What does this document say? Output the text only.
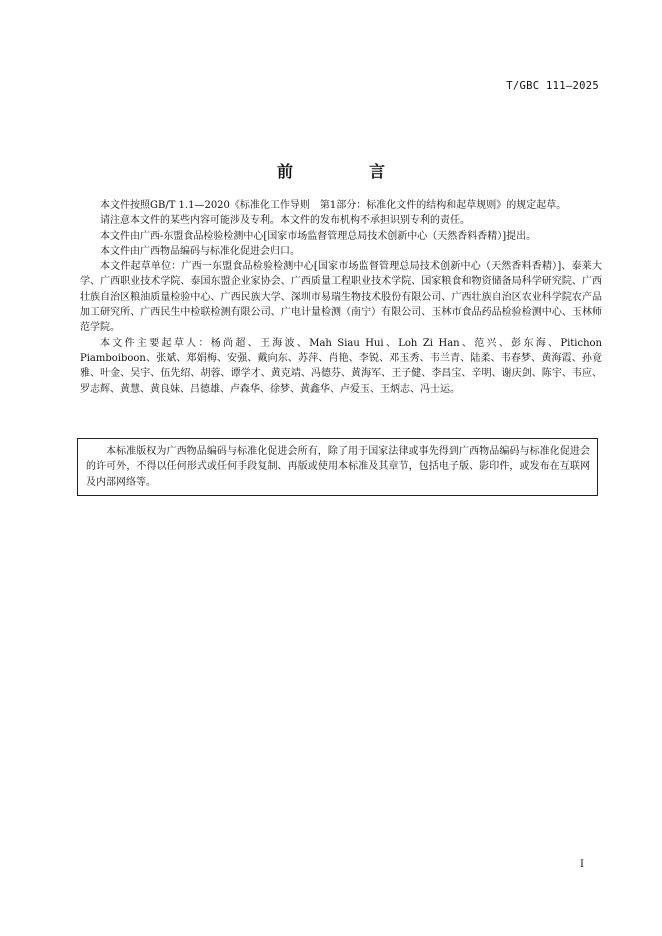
T/GBC 111—2025
前　言

本文件按照GB/T 1.1—2020《标准化工作导则　第1部分：标准化文件的结构和起草规则》的规定起草。

请注意本文件的某些内容可能涉及专利。本文件的发布机构不承担识别专利的责任。

本文件由广西-东盟食品检验检测中心[国家市场监督管理总局技术创新中心（天然香料香精）]提出。

本文件由广西物品编码与标准化促进会归口。

本文件起草单位：广西一东盟食品检验检测中心[国家市场监督管理总局技术创新中心（天然香料香精）]、泰莱大学、广西职业技术学院、泰国东盟企业家协会、广西质量工程职业技术学院、国家粮食和物资储备局科学研究院、广西壮族自治区粮油质量检验中心、广西民族大学、深圳市易瑞生物技术股份有限公司、广西壮族自治区农业科学院农产品加工研究所、广西民生中检联检测有限公司、广电计量检测（南宁）有限公司、玉林市食品药品检验检测中心、玉林师范学院。

本文件主要起草人：杨尚超、王海波、Mah Siau Hui、Loh Zi Han、范兴、彭东海、Pitichon Piamboiboon、张斌、郑娟梅、安强、戴向东、苏萍、肖艳、李锐、邓玉秀、韦兰青、陆柔、韦春梦、黄海霞、孙竟雅、叶金、吴宇、伍先绍、胡蓉、谭学才、黄克靖、冯德芬、黄海军、王子健、李昌宝、辛明、谢庆剑、陈宇、韦应、罗志辉、黄慧、黄良妹、吕德雄、卢森华、徐梦、黄鑫华、卢爱玉、王炳志、冯士运。

本标准版权为广西物品编码与标准化促进会所有，除了用于国家法律或事先得到广西物品编码与标准化促进会的许可外，不得以任何形式或任何手段复制、再版或使用本标准及其章节，包括电子版、影印件，或发布在互联网及内部网络等。
I
